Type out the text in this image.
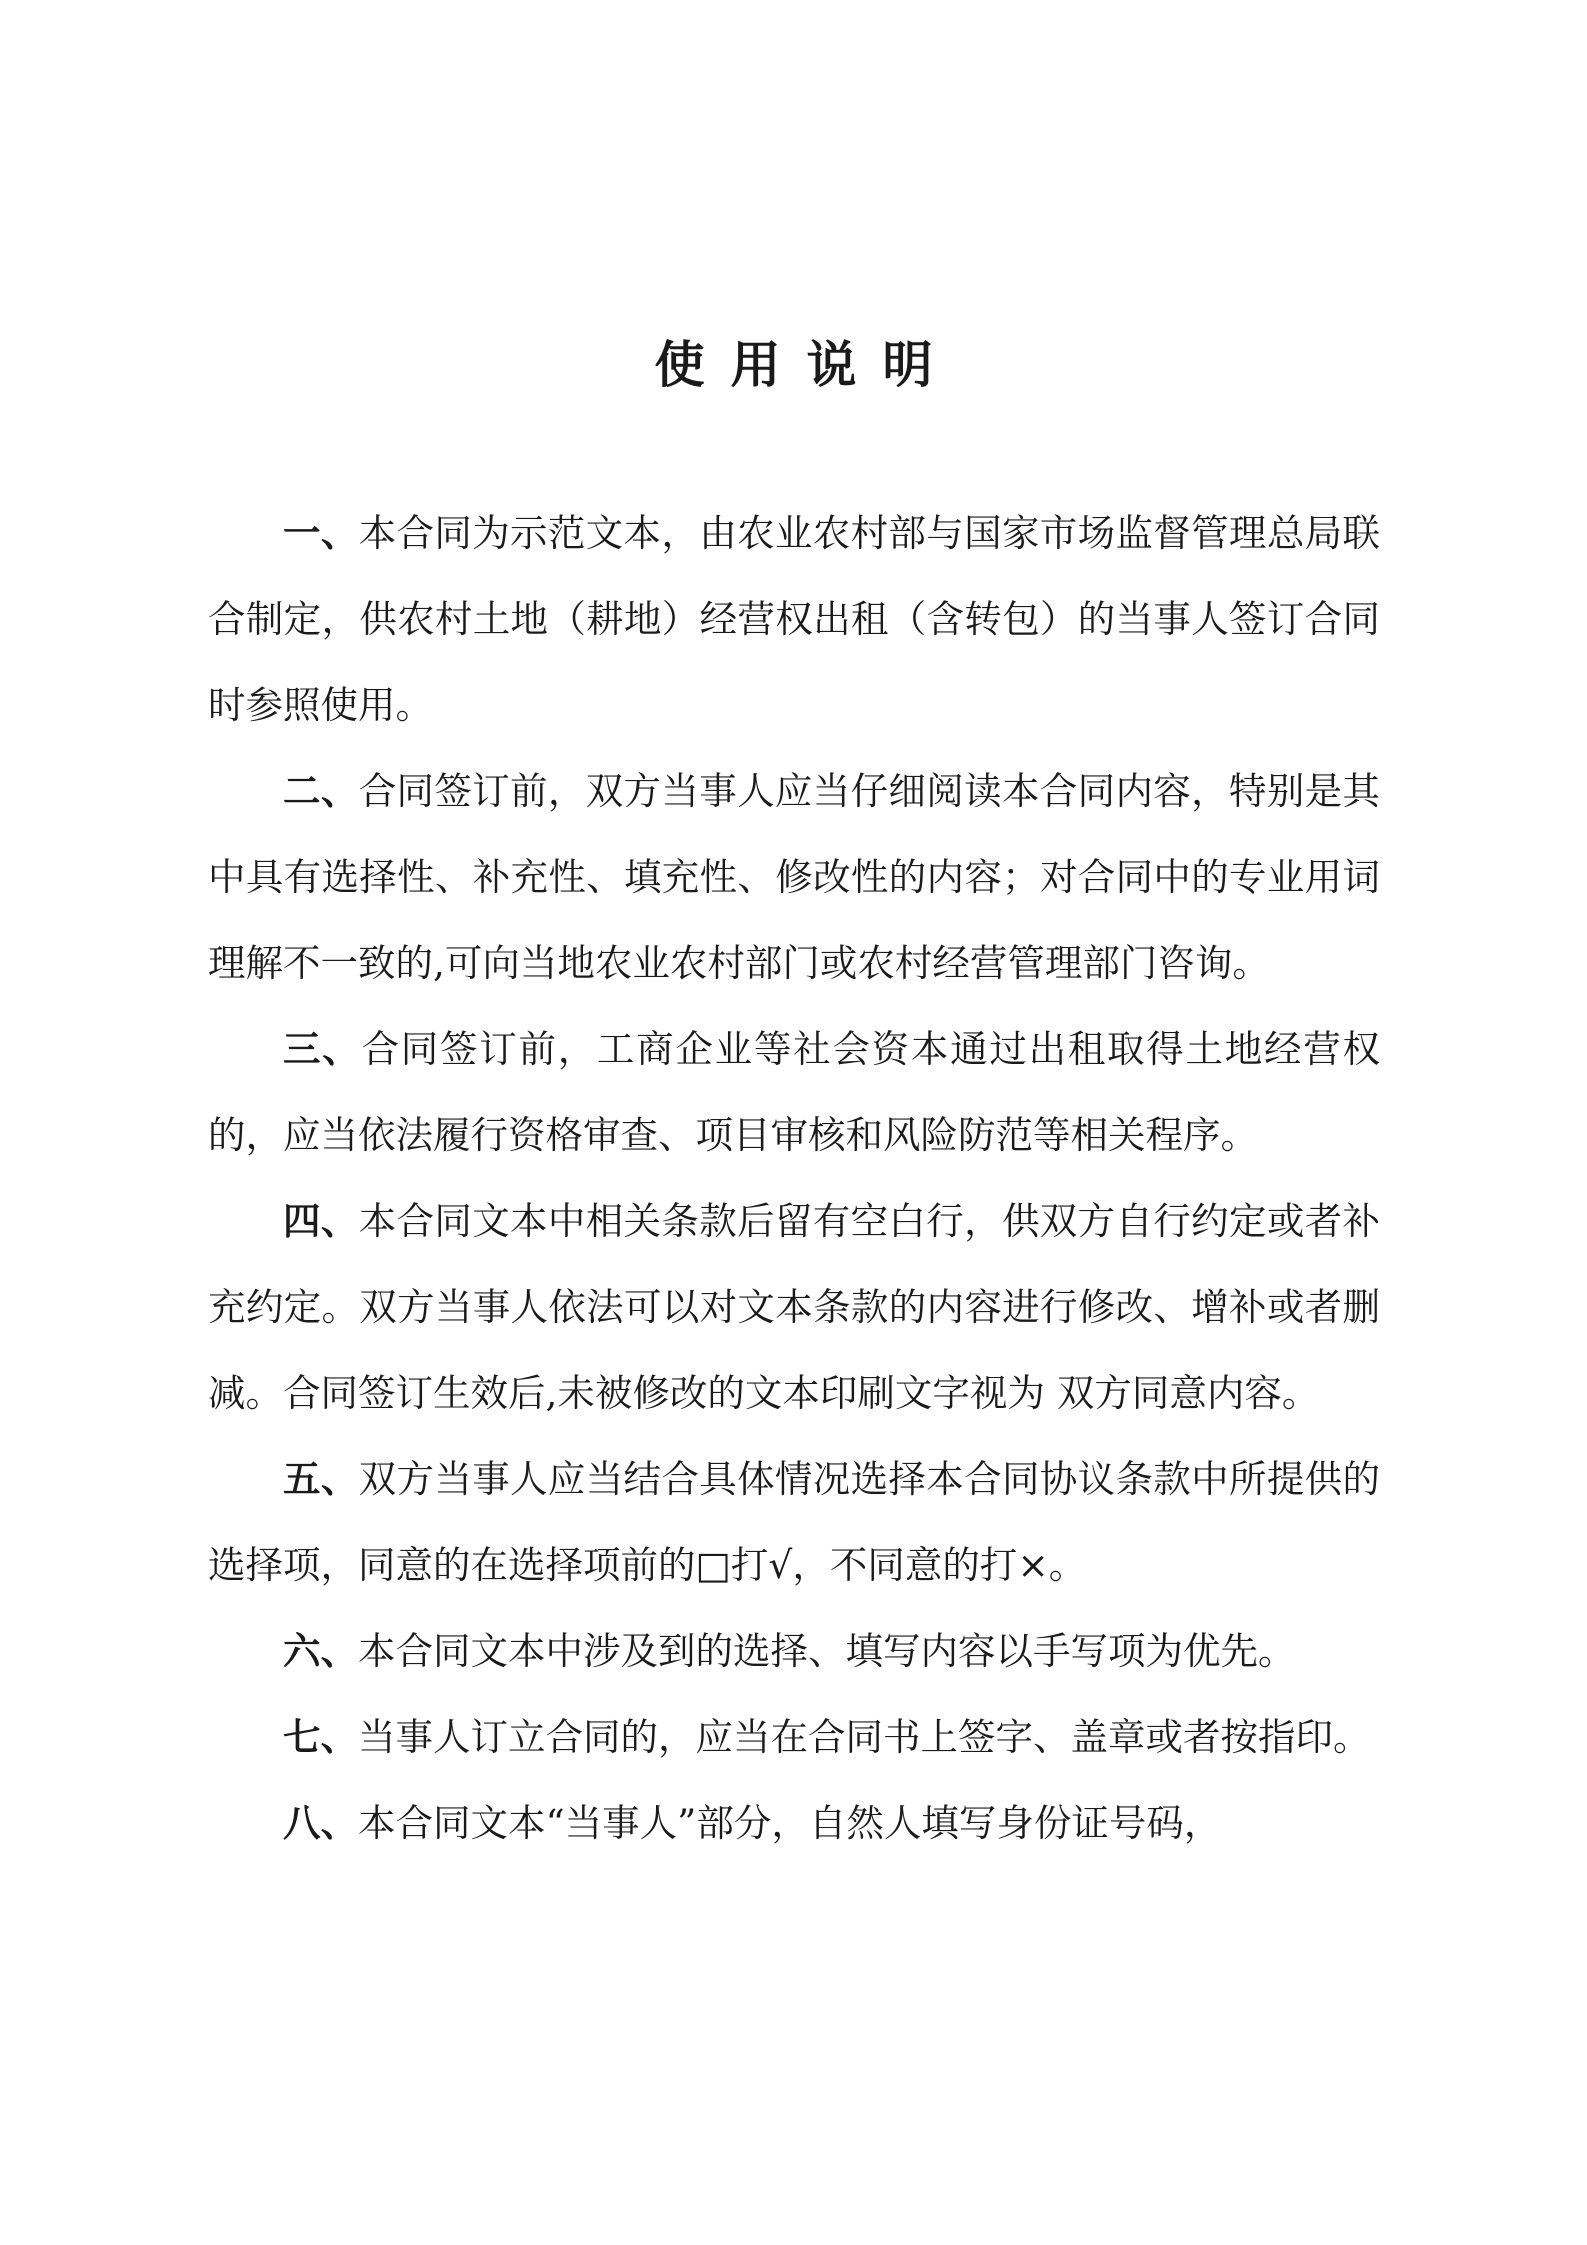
使用说明

一、本合同为示范文本，由农业农村部与国家市场监督管理总局联合制定，供农村土地（耕地）经营权出租（含转包）的当事人签订合同时参照使用。

二、合同签订前，双方当事人应当仔细阅读本合同内容，特别是其中具有选择性、补充性、填充性、修改性的内容；对合同中的专业用词理解不一致的,可向当地农业农村部门或农村经营管理部门咨询。

三、合同签订前，工商企业等社会资本通过出租取得土地经营权的，应当依法履行资格审查、项目审核和风险防范等相关程序。

四、本合同文本中相关条款后留有空白行，供双方自行约定或者补充约定。双方当事人依法可以对文本条款的内容进行修改、增补或者删减。合同签订生效后,未被修改的文本印刷文字视为 双方同意内容。

五、双方当事人应当结合具体情况选择本合同协议条款中所提供的选择项，同意的在选择项前的□打√，不同意的打×。

六、本合同文本中涉及到的选择、填写内容以手写项为优先。

七、当事人订立合同的，应当在合同书上签字、盖章或者按指印。

八、本合同文本“当事人”部分，自然人填写身份证号码，
